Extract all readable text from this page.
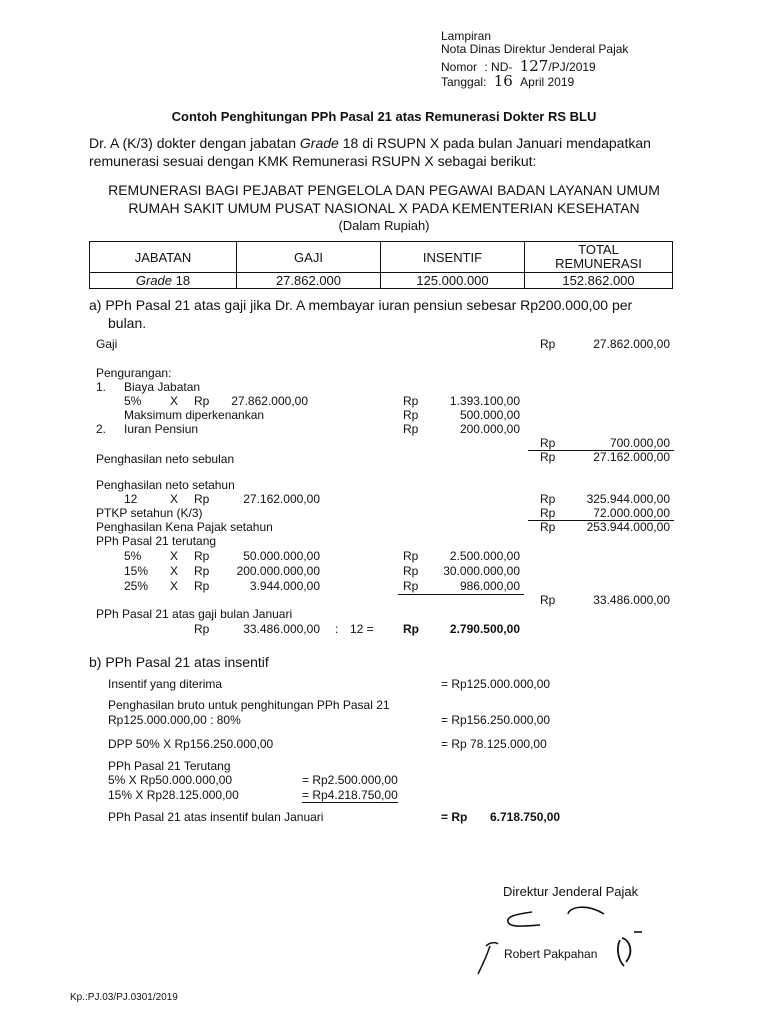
Lampiran
Nota Dinas Direktur Jenderal Pajak
Nomor : ND- 127/PJ/2019
Tanggal: 16 April 2019
Contoh Penghitungan PPh Pasal 21 atas Remunerasi Dokter RS BLU
Dr. A (K/3) dokter dengan jabatan Grade 18 di RSUPN X pada bulan Januari mendapatkan
remunerasi sesuai dengan KMK Remunerasi RSUPN X sebagai berikut:
REMUNERASI BAGI PEJABAT PENGELOLA DAN PEGAWAI BADAN LAYANAN UMUM
RUMAH SAKIT UMUM PUSAT NASIONAL X PADA KEMENTERIAN KESEHATAN
(Dalam Rupiah)
JABATAN	GAJI	INSENTIF	TOTAL
REMUNERASI

Grade 18	27.862.000	125.000.000	152.862.000
a) PPh Pasal 21 atas gaji jika Dr. A membayar iuran pensiun sebesar Rp200.000,00 per
bulan.
Gaji	Rp	27.862.000,00
Pengurangan:
1. Biaya Jabatan
5% X Rp	27.862.000,00	Rp	1.393.100,00
Maksimum diperkenankan	Rp	500.000,00
2. Iuran Pensiun	Rp	200.000,00
Rp	700.000,00
Penghasilan neto sebulan	Rp	27.162.000,00
Penghasilan neto setahun
12	X Rp	27.162.000,00	Rp	325.944.000,00
PTKP setahun (K/3)	Rp	72.000.000,00
Penghasilan Kena Pajak setahun	Rp	253.944.000,00
PPh Pasal 21 terutang
5% X Rp	50.000.000,00	Rp	2.500.000,00
15% X Rp	200.000.000,00	Rp	30.000.000,00
25% X Rp	3.944.000,00	Rp	986.000,00
Rp	33.486.000,00
PPh Pasal 21 atas gaji bulan Januari
Rp	33.486.000,00 : 12 = Rp	2.790.500,00
b) PPh Pasal 21 atas insentif
Insentif yang diterima	= Rp125.000.000,00
Penghasilan bruto untuk penghitungan PPh Pasal 21
Rp125.000.000,00 : 80%	= Rp156.250.000,00
DPP 50% X Rp156.250.000,00	= Rp 78.125.000,00
PPh Pasal 21 Terutang
5% X Rp50.000.000,00	= Rp2.500.000,00
15% X Rp28.125.000,00	= Rp4.218.750,00
PPh Pasal 21 atas insentif bulan Januari	= Rp 6.718.750,00
Direktur Jenderal Pajak
Robert Pakpahan
Kp.:PJ.03/PJ.0301/2019
